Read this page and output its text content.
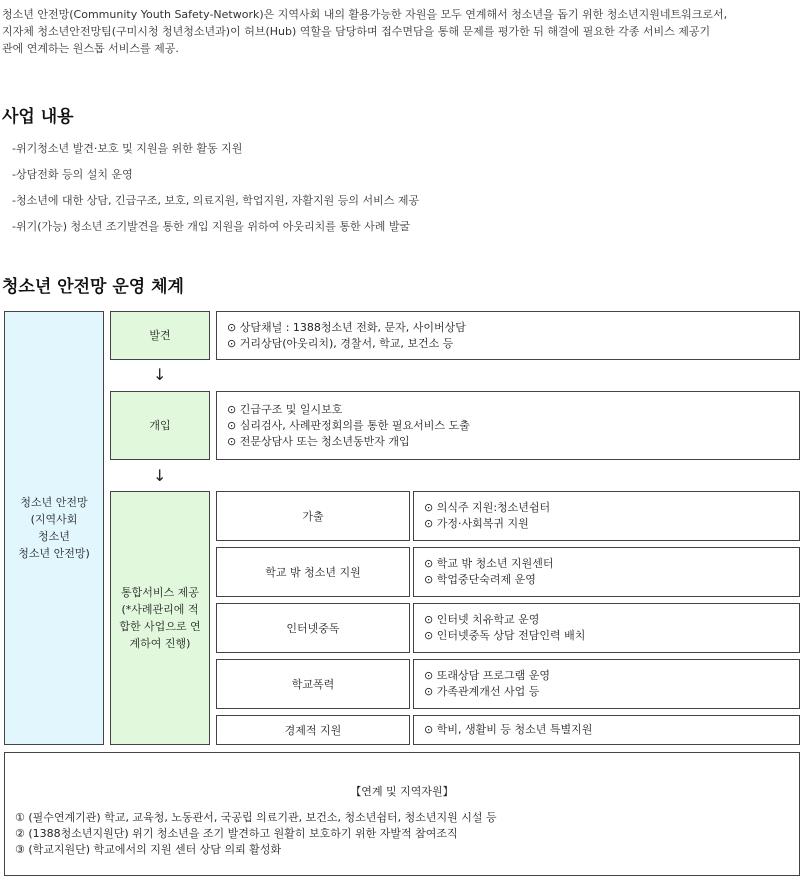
청소년 안전망(Community Youth Safety-Network)은 지역사회 내의 활용가능한 자원을 모두 연계해서 청소년을 돕기 위한 청소년지원네트워크로서,
지자체 청소년안전망팀(구미시청 청년청소년과)이 허브(Hub) 역할을 담당하며 접수면담을 통해 문제를 평가한 뒤 해결에 필요한 각종 서비스 제공기
관에 연계하는 원스톱 서비스를 제공.
사업 내용
-위기청소년 발견·보호 및 지원을 위한 활동 지원
-상담전화 등의 설치 운영
-청소년에 대한 상담, 긴급구조, 보호, 의료지원, 학업지원, 자활지원 등의 서비스 제공
-위기(가능) 청소년 조기발견을 통한 개입 지원을 위하여 아웃리치를 통한 사례 발굴
청소년 안전망 운영 체계
청소년 안전망
(지역사회
청소년
청소년 안전망)
발견
⊙ 상담채널 : 1388청소년 전화, 문자, 사이버상담
⊙ 거리상담(아웃리치), 경찰서, 학교, 보건소 등
↓
개입
⊙ 긴급구조 및 일시보호
⊙ 심리검사, 사례판정회의를 통한 필요서비스 도출
⊙ 전문상담사 또는 청소년동반자 개입
↓
통합서비스 제공
(*사례관리에 적
합한 사업으로 연
계하여 진행)
가출
⊙ 의식주 지원:청소년쉼터
⊙ 가정·사회복귀 지원
학교 밖 청소년 지원
⊙ 학교 밖 청소년 지원센터
⊙ 학업중단숙려제 운영
인터넷중독
⊙ 인터넷 치유학교 운영
⊙ 인터넷중독 상담 전담인력 배치
학교폭력
⊙ 또래상담 프로그램 운영
⊙ 가족관계개선 사업 등
경제적 지원	⊙ 학비, 생활비 등 청소년 특별지원
【연계 및 지역자원】
① (필수연계기관) 학교, 교육청, 노동관서, 국공립 의료기관, 보건소, 청소년쉼터, 청소년지원 시설 등
② (1388청소년지원단) 위기 청소년을 조기 발견하고 원활히 보호하기 위한 자발적 참여조직
③ (학교지원단) 학교에서의 지원 센터 상담 의뢰 활성화
